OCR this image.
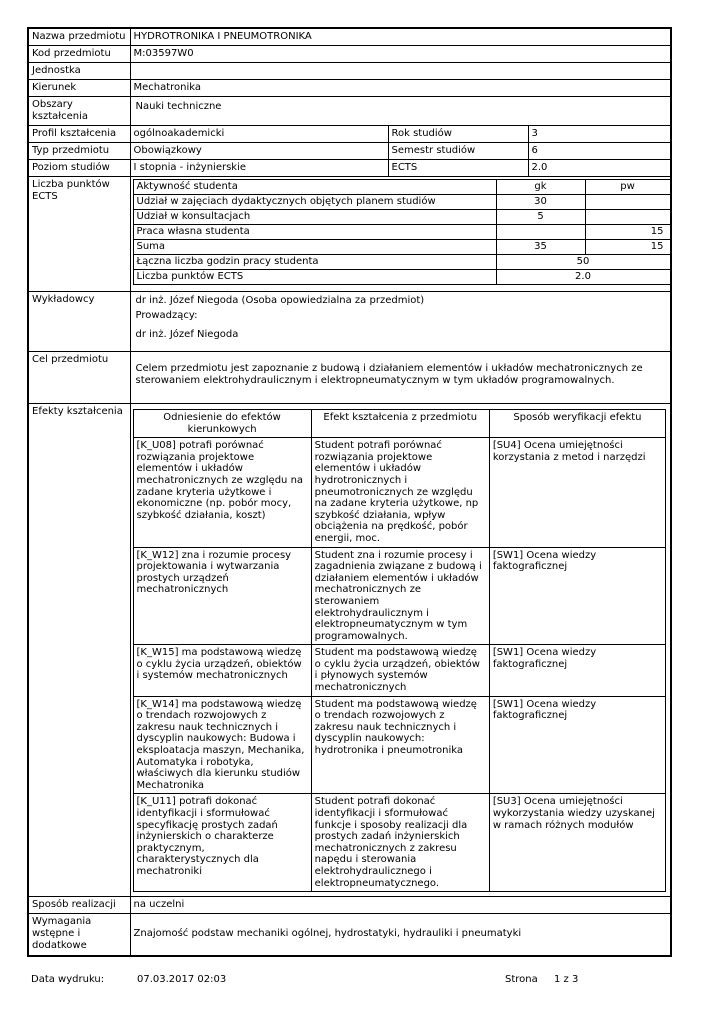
Nazwa przedmiotu	HYDROTRONIKA I PNEUMOTRONIKA
Kod przedmiotu	M:03597W0
Jednostka	
Kierunek	Mechatronika
Obszary kształcenia	Nauki techniczne
Profil kształcenia	ogólnoakademicki	Rok studiów	3
Typ przedmiotu	Obowiązkowy	Semestr studiów	6
Poziom studiów	I stopnia - inżynierskie	ECTS	2.0
Liczba punktów ECTS	
Aktywność studenta	gk	pw
Udział w zajęciach dydaktycznych objętych planem studiów	30	
Udział w konsultacjach	5	
Praca własna studenta		15
Suma	35	15
Łączna liczba godzin pracy studenta	50
Liczba punktów ECTS	2.0

Wykładowcy	dr inż. Józef Niegoda (Osoba opowiedzialna za przedmiot)
Prowadzący:
dr inż. Józef Niegoda

Cel przedmiotu	Celem przedmiotu jest zapoznanie z budową i działaniem elementów i układów mechatronicznych ze sterowaniem elektrohydraulicznym i elektropneumatycznym w tym układów programowalnych.
Efekty kształcenia	
Odniesienie do efektów kierunkowych	Efekt kształcenia z przedmiotu	Sposób weryfikacji efektu
[K_U08] potrafi porównać rozwiązania projektowe elementów i układów mechatronicznych ze względu na zadane kryteria użytkowe i ekonomiczne (np. pobór mocy, szybkość działania, koszt)	Student potrafi porównać rozwiązania projektowe elementów i układów hydrotronicznych i pneumotronicznych ze względu na zadane kryteria użytkowe, np szybkość działania, wpływ obciążenia na prędkość, pobór energii, moc.	[SU4] Ocena umiejętności korzystania z metod i narzędzi
[K_W12] zna i rozumie procesy projektowania i wytwarzania prostych urządzeń mechatronicznych	Student zna i rozumie procesy i zagadnienia związane z budową i działaniem elementów i układów mechatronicznych ze sterowaniem elektrohydraulicznym i elektropneumatycznym w tym programowalnych.	[SW1] Ocena wiedzy faktograficznej
[K_W15] ma podstawową wiedzę o cyklu życia urządzeń, obiektów i systemów mechatronicznych	Student ma podstawową wiedzę o cyklu życia urządzeń, obiektów i płynowych systemów mechatronicznych	[SW1] Ocena wiedzy faktograficznej
[K_W14] ma podstawową wiedzę o trendach rozwojowych z zakresu nauk technicznych i dyscyplin naukowych: Budowa i eksploatacja maszyn, Mechanika, Automatyka i robotyka, właściwych dla kierunku studiów Mechatronika	Student ma podstawową wiedzę o trendach rozwojowych z zakresu nauk technicznych i dyscyplin naukowych: hydrotronika i pneumotronika	[SW1] Ocena wiedzy faktograficznej
[K_U11] potrafi dokonać identyfikacji i sformułować specyfikację prostych zadań inżynierskich o charakterze praktycznym, charakterystycznych dla mechatroniki	Student potrafi dokonać identyfikacji i sformułować funkcje i sposoby realizacji dla prostych zadań inżynierskich mechatronicznych z zakresu napędu i sterowania elektrohydraulicznego i elektropneumatycznego.	[SU3] Ocena umiejętności wykorzystania wiedzy uzyskanej w ramach różnych modułów

Sposób realizacji	na uczelni
Wymagania wstępne i dodatkowe	Znajomość podstaw mechaniki ogólnej, hydrostatyki, hydrauliki i pneumatyki
Data wydruku:	07.03.2017 02:03	Strona 1 z 3
